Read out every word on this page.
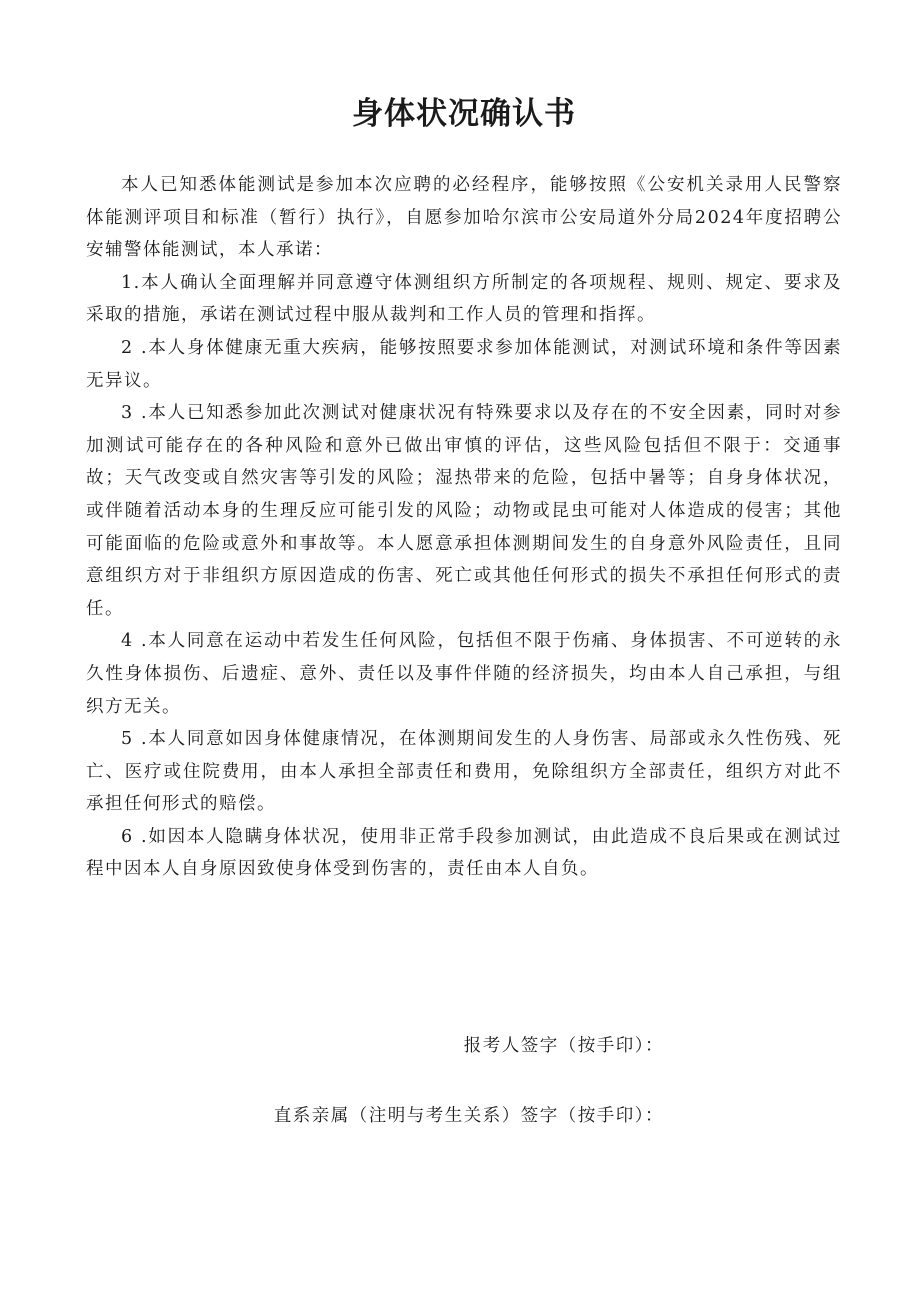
身体状况确认书

本人已知悉体能测试是参加本次应聘的必经程序，能够按照《公安机关录用人民警察体能测评项目和标准（暂行）执行》，自愿参加哈尔滨市公安局道外分局2024年度招聘公安辅警体能测试，本人承诺：

1.本人确认全面理解并同意遵守体测组织方所制定的各项规程、规则、规定、要求及采取的措施，承诺在测试过程中服从裁判和工作人员的管理和指挥。

2 .本人身体健康无重大疾病，能够按照要求参加体能测试，对测试环境和条件等因素无异议。

3 .本人已知悉参加此次测试对健康状况有特殊要求以及存在的不安全因素，同时对参加测试可能存在的各种风险和意外已做出审慎的评估，这些风险包括但不限于：交通事故；天气改变或自然灾害等引发的风险；湿热带来的危险，包括中暑等；自身身体状况，或伴随着活动本身的生理反应可能引发的风险；动物或昆虫可能对人体造成的侵害；其他可能面临的危险或意外和事故等。本人愿意承担体测期间发生的自身意外风险责任，且同意组织方对于非组织方原因造成的伤害、死亡或其他任何形式的损失不承担任何形式的责任。

4 .本人同意在运动中若发生任何风险，包括但不限于伤痛、身体损害、不可逆转的永久性身体损伤、后遗症、意外、责任以及事件伴随的经济损失，均由本人自己承担，与组织方无关。

5 .本人同意如因身体健康情况，在体测期间发生的人身伤害、局部或永久性伤残、死亡、医疗或住院费用，由本人承担全部责任和费用，免除组织方全部责任，组织方对此不承担任何形式的赔偿。

6 .如因本人隐瞒身体状况，使用非正常手段参加测试，由此造成不良后果或在测试过程中因本人自身原因致使身体受到伤害的，责任由本人自负。

报考人签字（按手印）：
直系亲属（注明与考生关系）签字（按手印）：
